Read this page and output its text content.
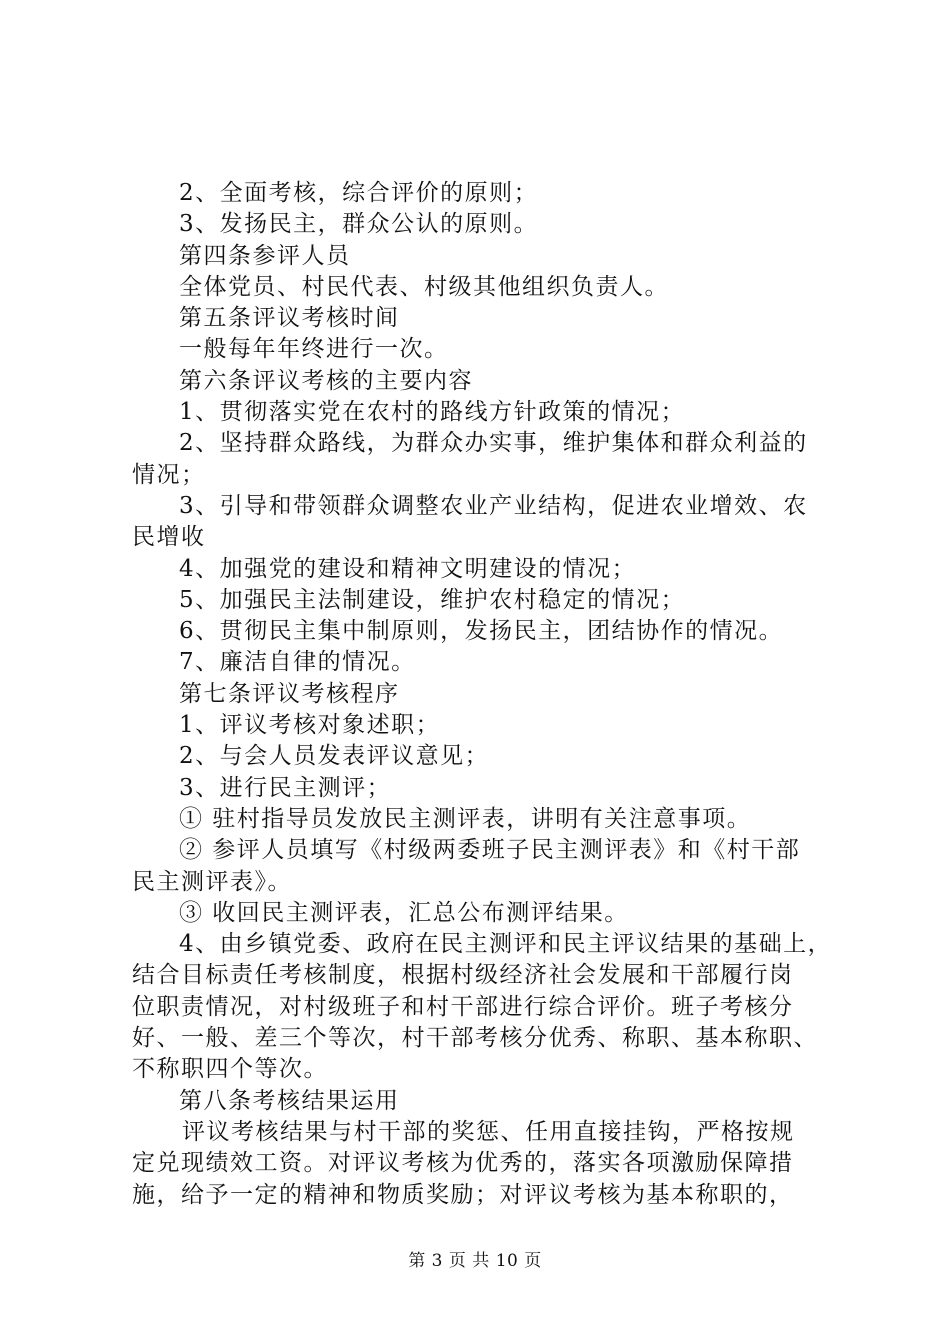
2、全面考核，综合评价的原则；
3、发扬民主，群众公认的原则。
第四条参评人员
全体党员、村民代表、村级其他组织负责人。
第五条评议考核时间
一般每年年终进行一次。
第六条评议考核的主要内容
1、贯彻落实党在农村的路线方针政策的情况；
2、坚持群众路线，为群众办实事，维护集体和群众利益的
情况；
3、引导和带领群众调整农业产业结构，促进农业增效、农
民增收
4、加强党的建设和精神文明建设的情况；
5、加强民主法制建设，维护农村稳定的情况；
6、贯彻民主集中制原则，发扬民主，团结协作的情况。
7、廉洁自律的情况。
第七条评议考核程序
1、评议考核对象述职；
2、与会人员发表评议意见；
3、进行民主测评；
① 驻村指导员发放民主测评表，讲明有关注意事项。
② 参评人员填写《村级两委班子民主测评表》和《村干部
民主测评表》。
③ 收回民主测评表，汇总公布测评结果。
4、由乡镇党委、政府在民主测评和民主评议结果的基础上，
结合目标责任考核制度，根据村级经济社会发展和干部履行岗
位职责情况，对村级班子和村干部进行综合评价。班子考核分
好、一般、差三个等次，村干部考核分优秀、称职、基本称职、
不称职四个等次。
第八条考核结果运用
评议考核结果与村干部的奖惩、任用直接挂钩，严格按规
定兑现绩效工资。对评议考核为优秀的，落实各项激励保障措
施，给予一定的精神和物质奖励；对评议考核为基本称职的，
第 3 页 共 10 页
